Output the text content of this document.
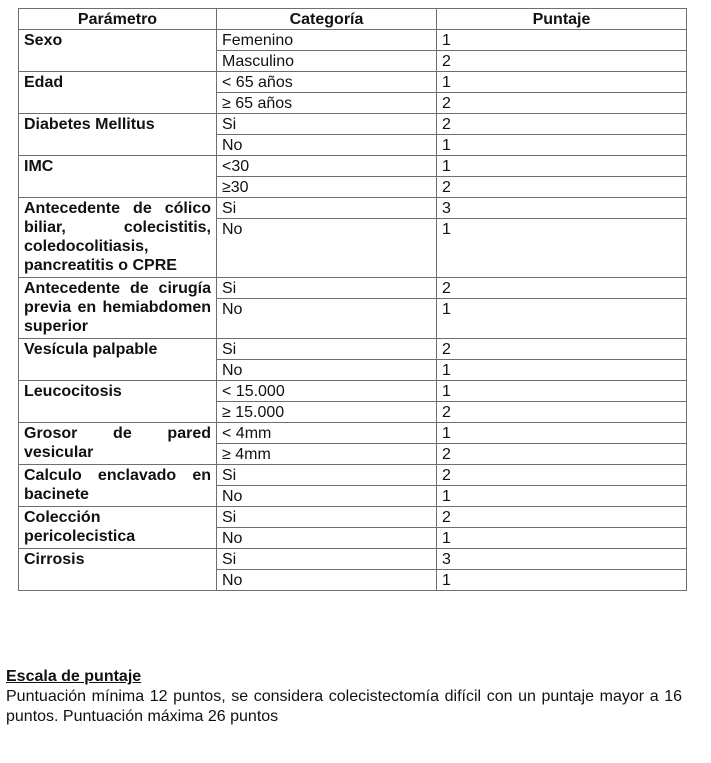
Parámetro	Categoría	Puntaje
Sexo	Femenino	1
	Masculino	2
Edad	< 65 años	1
	≥ 65 años	2
Diabetes Mellitus	Si	2
	No	1
IMC	<30	1
	≥30	2
Antecedente de cólico biliar, colecistitis, coledocolitiasis, pancreatitis o CPRE	Si	3
	No	1
Antecedente de cirugía previa en hemiabdomen superior	Si	2
	No	1
Vesícula palpable	Si	2
	No	1
Leucocitosis	< 15.000	1
	≥ 15.000	2
Grosor de pared vesicular	< 4mm	1
	≥ 4mm	2
Calculo enclavado en bacinete	Si	2
	No	1
Colección pericolecistica	Si	2
	No	1
Cirrosis	Si	3
	No	1
Escala de puntaje
Puntuación mínima 12 puntos, se considera colecistectomía difícil con un puntaje mayor a 16 puntos. Puntuación máxima 26 puntos
